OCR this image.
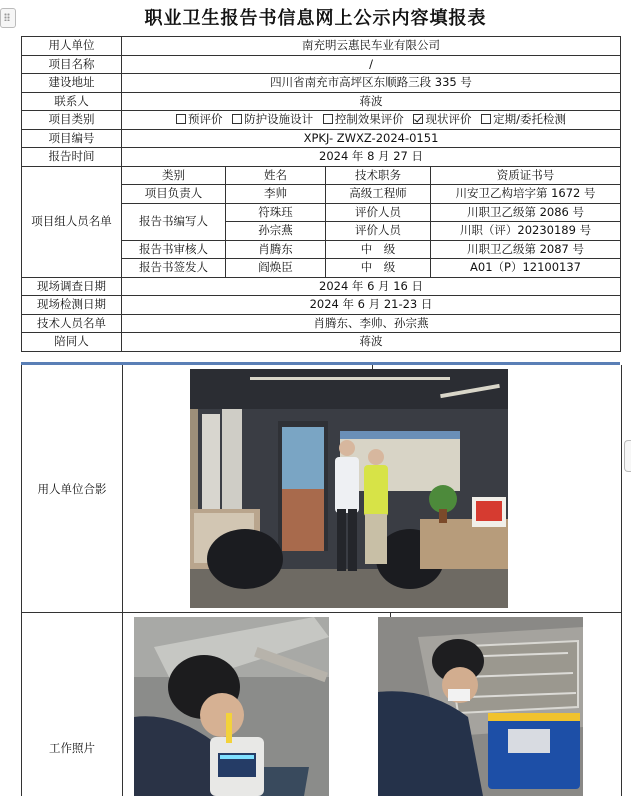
职业卫生报告书信息网上公示内容填报表
用人单位	南充明云惠民车业有限公司			
项目名称	/			
建设地址	四川省南充市高坪区东顺路三段 335 号			
联系人	蒋波			
项目类别	预评价 防护设施设计 控制效果评价 现状评价 定期/委托检测			
项目编号	XPKJ- ZWXZ-2024-0151			
报告时间	2024 年 8 月 27 日			
项目组人员名单	类别	姓名	技术职务	资质证书号
	项目负责人	李帅	高级工程师	川安卫乙构培字第 1672 号
	报告书编写人	符珠珏	评价人员	川职卫乙级第 2086 号
		孙宗燕	评价人员	川职（评）20230189 号
	报告书审核人	肖腾东	中　级	川职卫乙级第 2087 号
	报告书签发人	阎焕臣	中　级	A01（P）12100137
现场调查日期	2024 年 6 月 16 日			
现场检测日期	2024 年 6 月 21-23 日			
技术人员名单	肖腾东、李帅、孙宗燕			
陪同人	蒋波			
用人单位合影
工作照片
